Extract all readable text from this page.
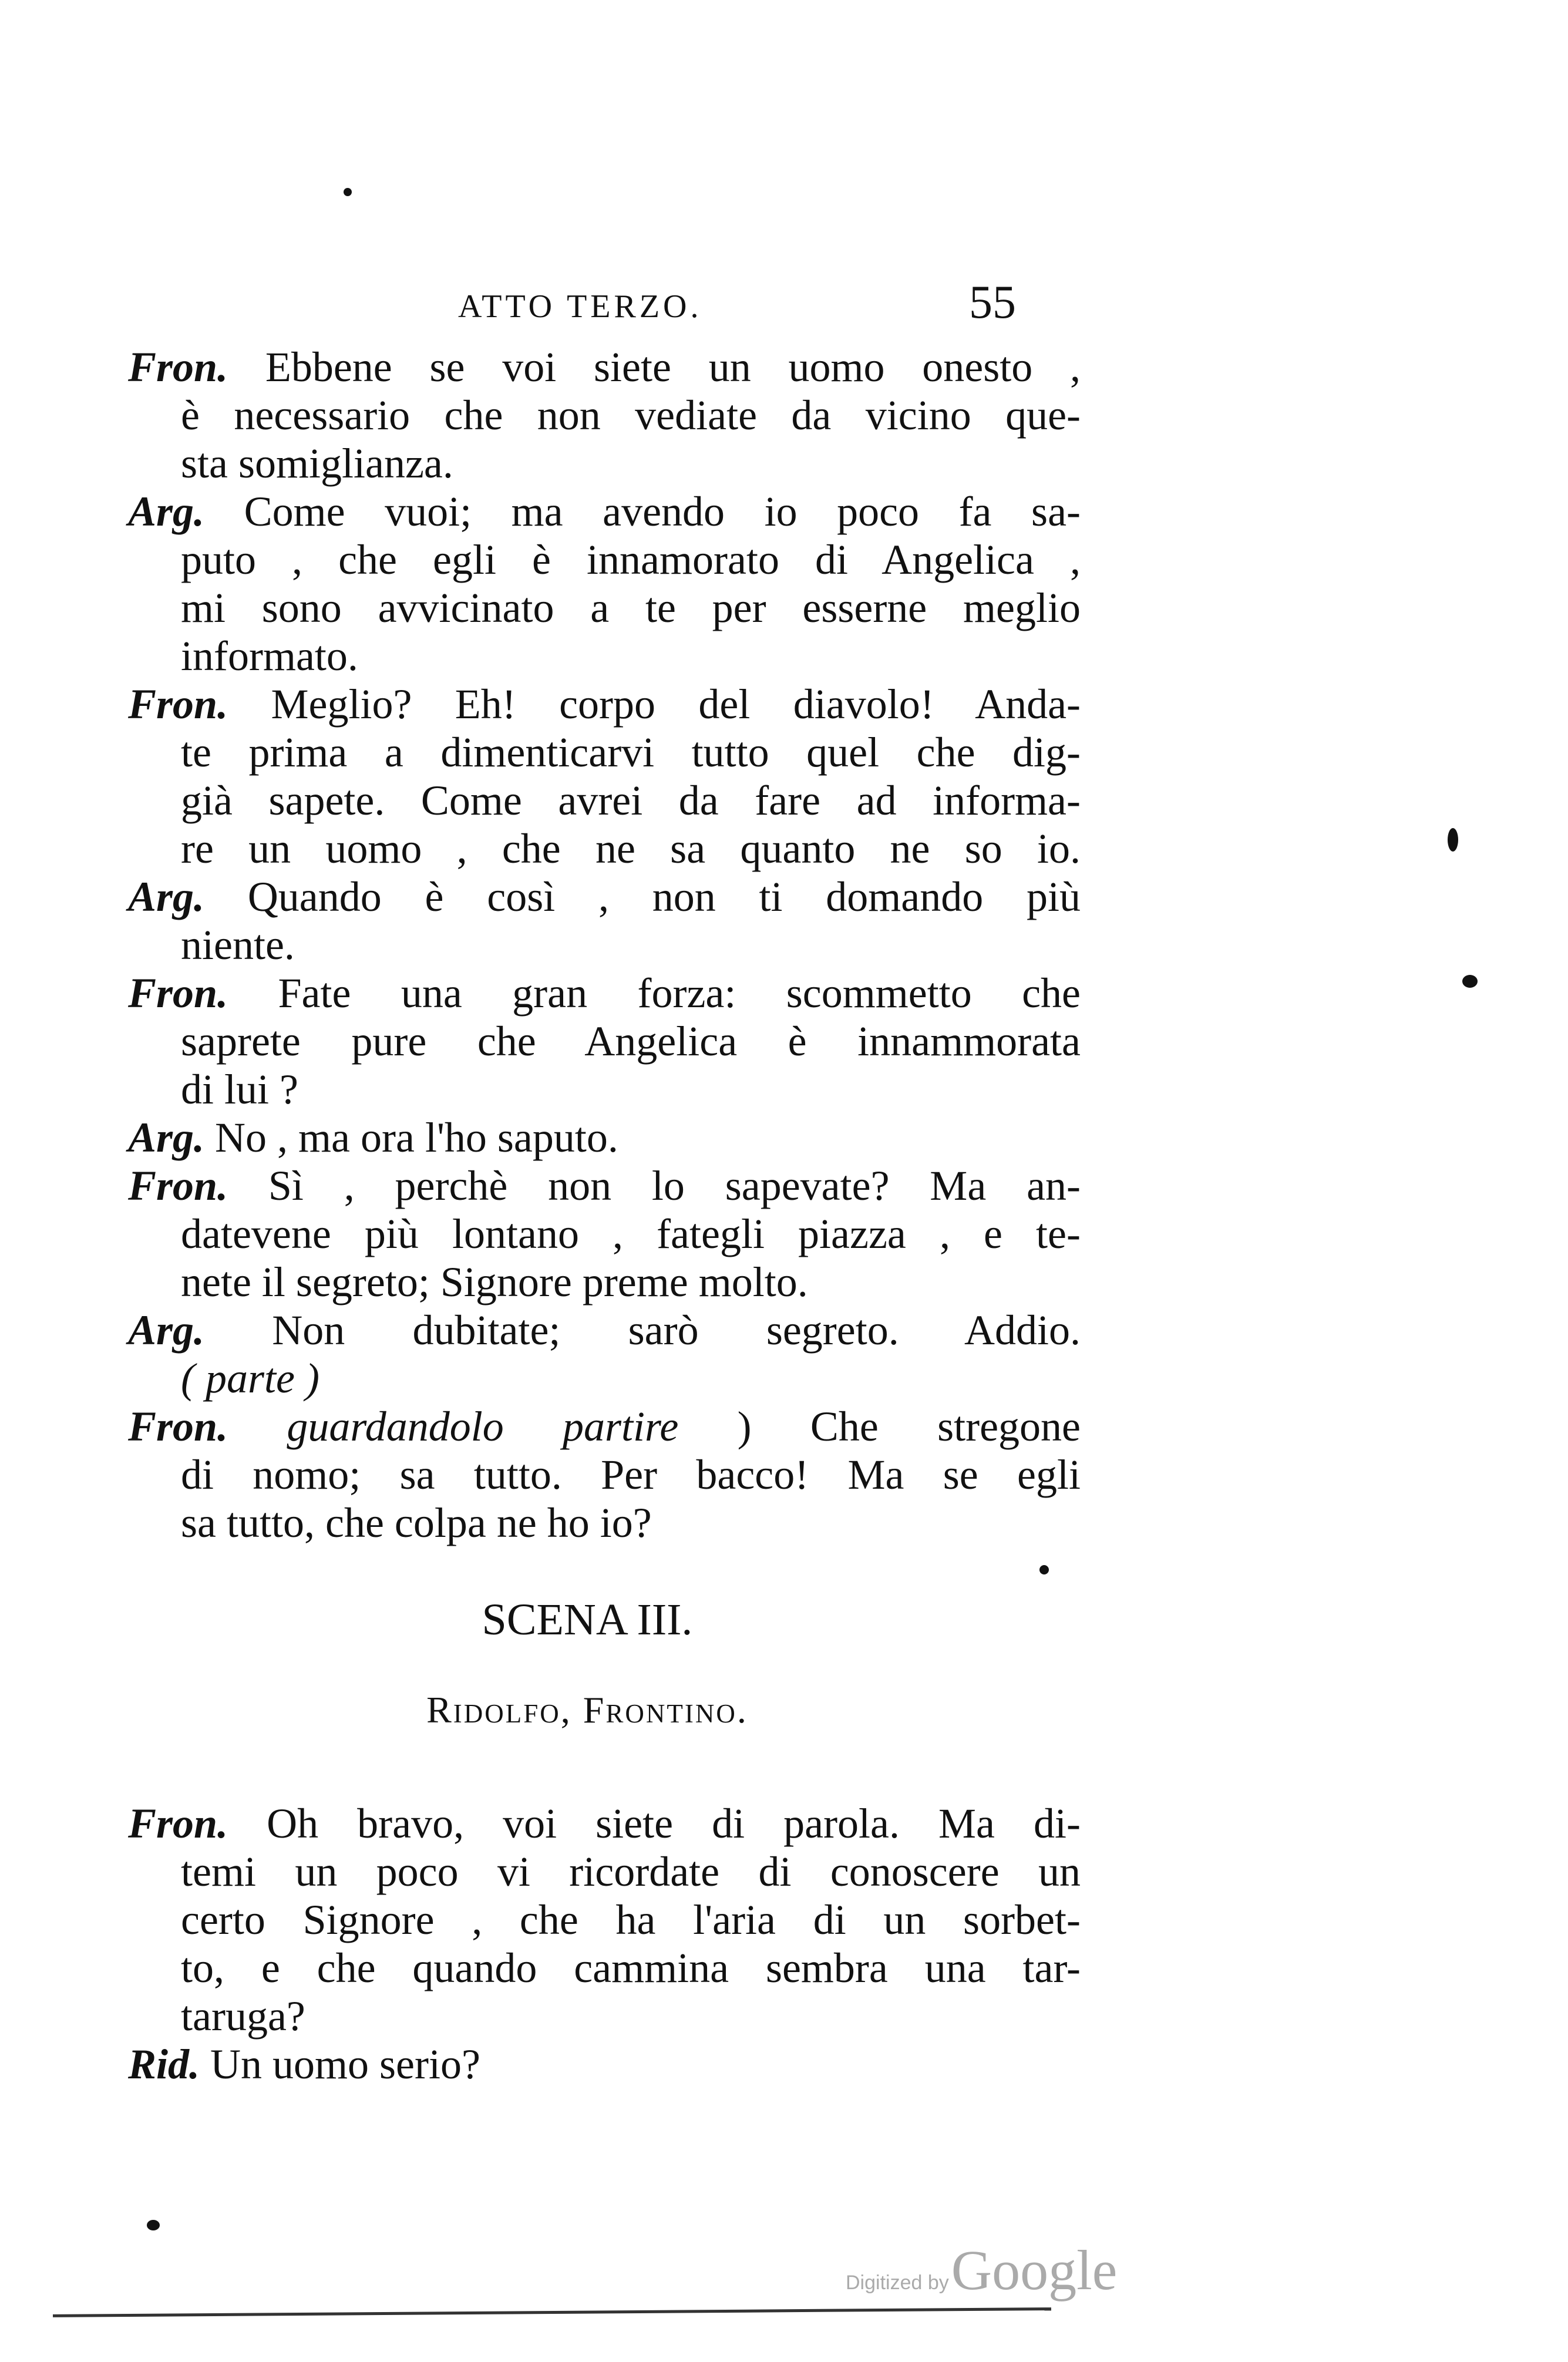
ATTO TERZO.	55
Fron. Ebbene se voi siete un uomo onesto ,
è necessario che non vediate da vicino que-
sta somiglianza.
Arg. Come vuoi; ma avendo io poco fa sa-
puto , che egli è innamorato di Angelica ,
mi sono avvicinato a te per esserne meglio
informato.
Fron. Meglio? Eh! corpo del diavolo! Anda-
te prima a dimenticarvi tutto quel che dig-
già sapete. Come avrei da fare ad informa-
re un uomo , che ne sa quanto ne so io.
Arg. Quando è così , non ti domando più
niente.
Fron. Fate una gran forza: scommetto che
saprete pure che Angelica è innammorata
di lui ?
Arg. No , ma ora l'ho saputo.
Fron. Sì , perchè non lo sapevate? Ma an-
datevene più lontano , fategli piazza , e te-
nete il segreto; Signore preme molto.
Arg. Non dubitate; sarò segreto. Addio.
( parte )
Fron. guardandolo partire ) Che stregone
di nomo; sa tutto. Per bacco! Ma se egli
sa tutto, che colpa ne ho io?
SCENA III.
Ridolfo, Frontino.
Fron. Oh bravo, voi siete di parola. Ma di-
temi un poco vi ricordate di conoscere un
certo Signore , che ha l'aria di un sorbet-
to, e che quando cammina sembra una tar-
taruga?
Rid. Un uomo serio?
Digitized by Google
